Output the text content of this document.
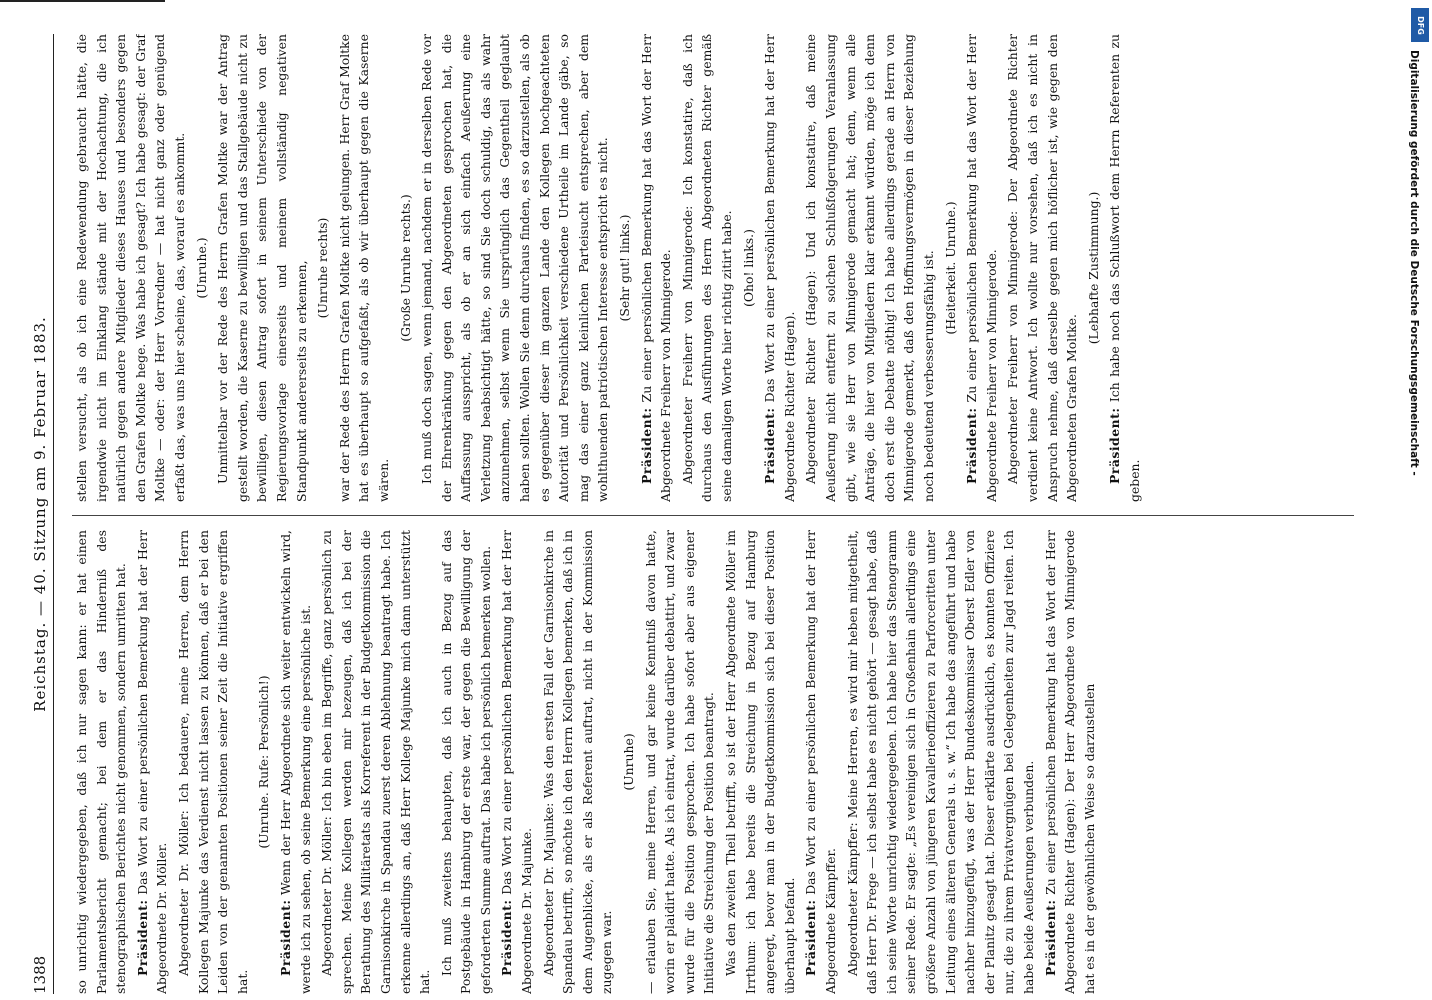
1388
Reichstag. — 40. Sitzung am 9. Februar 1883.

so unrichtig wiedergegeben, daß ich nur sagen kann: er hat einen Parlamentsbericht gemacht; bei dem er das Hinderniß des stenographischen Berichtes nicht genommen, sondern umritten hat. Präsident: Das Wort zu einer persönlichen Bemerkung hat der Herr Abgeordnete Dr. Möller. Abgeordneter Dr. Möller: Ich bedauere, meine Herren, dem Herrn Kollegen Majunke das Verdienst nicht lassen zu können, daß er bei den Leiden von der genannten Positionen seiner Zeit die Initiative ergriffen hat.

(Unruhe. Rufe: Persönlich!)

Präsident: Wenn der Herr Abgeordnete sich weiter entwickeln wird, werde ich zu sehen, ob seine Bemerkung eine persönliche ist. Abgeordneter Dr. Möller: Ich bin eben im Begriffe, ganz persönlich zu sprechen. Meine Kollegen werden mir bezeugen, daß ich bei der Berathung des Militäretats als Korreferent in der Budgetkommission die Garnisonkirche in Spandau zuerst deren Ablehnung beantragt habe. Ich erkenne allerdings an, daß Herr Kollege Majunke mich dann unterstützt hat.

Ich muß zweitens behaupten, daß ich auch in Bezug auf das Postgebäude in Hamburg der erste war, der gegen die Bewilligung der geforderten Summe auftrat. Das habe ich persönlich bemerken wollen. Präsident: Das Wort zu einer persönlichen Bemerkung hat der Herr Abgeordnete Dr. Majunke. Abgeordneter Dr. Majunke: Was den ersten Fall der Garnisonkirche in Spandau betrifft, so möchte ich den Herrn Kollegen bemerken, daß ich in dem Augenblicke, als er als Referent auftrat, nicht in der Kommission zugegen war.

(Unruhe) — erlauben Sie, meine Herren, und gar keine Kenntniß davon hatte, worin er plaidirt hatte. Als ich eintrat, wurde darüber debattirt, und zwar wurde für die Position gesprochen. Ich habe sofort aber aus eigener Initiative die Streichung der Position beantragt. Was den zweiten Theil betrifft, so ist der Herr Abgeordnete Möller im Irrthum: ich habe bereits die Streichung in Bezug auf Hamburg angeregt, bevor man in der Budgetkommission sich bei dieser Position überhaupt befand. Präsident: Das Wort zu einer persönlichen Bemerkung hat der Herr Abgeordnete Kämpffer. Abgeordneter Kämpffer: Meine Herren, es wird mir heben mitgetheilt, daß Herr Dr. Frege — ich selbst habe es nicht gehört — gesagt habe, daß ich seine Worte unrichtig wiedergegeben. Ich habe hier das Stenogramm seiner Rede. Er sagte: „Es vereinigen sich in Großenhain allerdings eine größere Anzahl von jüngeren Kavallerieoffizieren zu Parforceritten unter Leitung eines älteren Generals u. s. w.“ Ich habe das angeführt und habe nachher hinzugefügt, was der Herr Bundeskommissar Oberst Edler von der Planitz gesagt hat. Dieser erklärte ausdrücklich, es konnten Offiziere nur, die zu ihrem Privatvergnügen bei Gelegenheiten zur Jagd reiten. Ich habe beide Aeußerungen verbunden. Präsident: Zu einer persönlichen Bemerkung hat das Wort der Herr Abgeordnete Richter (Hagen): Der Herr Abgeordnete von Minnigerode hat es in der gewöhnlichen Weise so darzustellen

stellen versucht, als ob ich eine Redewendung gebraucht hätte, die irgendwie nicht im Einklang stände mit der Hochachtung, die ich natürlich gegen andere Mitglieder dieses Hauses und besonders gegen den Grafen Moltke hege. Was habe ich gesagt? Ich habe gesagt: der Graf Moltke — oder: der Herr Vorredner — hat nicht ganz oder genügend erfaßt das, was uns hier scheine, das, worauf es ankommt. (Unruhe.) Unmittelbar vor der Rede des Herrn Grafen Moltke war der Antrag gestellt worden, die Kaserne zu bewilligen und das Stallgebäude nicht zu bewilligen, diesen Antrag sofort in seinem Unterschiede von der Regierungsvorlage einerseits und meinem vollständig negativen Standpunkt andererseits zu erkennen, (Unruhe rechts) war der Rede des Herrn Grafen Moltke nicht gelungen. Herr Graf Moltke hat es überhaupt so aufgefaßt, als ob wir überhaupt gegen die Kaserne wären.

(Große Unruhe rechts.) Ich muß doch sagen, wenn jemand, nachdem er in derselben Rede vor der Ehrenkränkung gegen den Abgeordneten gesprochen hat, die Auffassung ausspricht, als ob er an sich einfach Aeußerung eine Verletzung beabsichtigt hätte, so sind Sie doch schuldig, das als wahr anzunehmen, selbst wenn Sie ursprünglich das Gegentheil geglaubt haben sollten. Wollen Sie denn durchaus finden, es so darzustellen, als ob es gegenüber dieser im ganzen Lande den Kollegen hochgeachteten Autorität und Persönlichkeit verschiedene Urtheile im Lande gäbe, so mag das einer ganz kleinlichen Parteisucht entsprechen, aber dem wohlthuenden patriotischen Interesse entspricht es nicht. (Sehr gut! links.)

Präsident: Zu einer persönlichen Bemerkung hat das Wort der Herr Abgeordnete Freiherr von Minnigerode. Abgeordneter Freiherr von Minnigerode: Ich konstatire, daß ich durchaus den Ausführungen des Herrn Abgeordneten Richter gemäß seine damaligen Worte hier richtig zitirt habe. (Oho! links.)

Präsident: Das Wort zu einer persönlichen Bemerkung hat der Herr Abgeordnete Richter (Hagen). Abgeordneter Richter (Hagen): Und ich konstatire, daß meine Aeußerung nicht entfernt zu solchen Schlußfolgerungen Veranlassung gibt, wie sie Herr von Minnigerode gemacht hat; denn, wenn alle Anträge, die hier von Mitgliedern klar erkannt würden, möge ich denn doch erst die Debatte nöthig! Ich habe allerdings gerade an Herrn von Minnigerode gemerkt, daß den Hoffnungsvermögen in dieser Beziehung noch bedeutend verbesserungsfähig ist. (Heiterkeit. Unruhe.)

Präsident: Zu einer persönlichen Bemerkung hat das Wort der Herr Abgeordnete Freiherr von Minnigerode. Abgeordneter Freiherr von Minnigerode: Der Abgeordnete Richter verdient keine Antwort. Ich wollte nur vorsehen, daß ich es nicht in Anspruch nehme, daß derselbe gegen mich höflicher ist, wie gegen den Abgeordneten Grafen Moltke.

(Lebhafte Zustimmung.)

Präsident: Ich habe noch das Schlußwort dem Herrn Referenten zu geben.

DFG
Digitalisierung gefördert durch die Deutsche Forschungsgemeinschaft -
